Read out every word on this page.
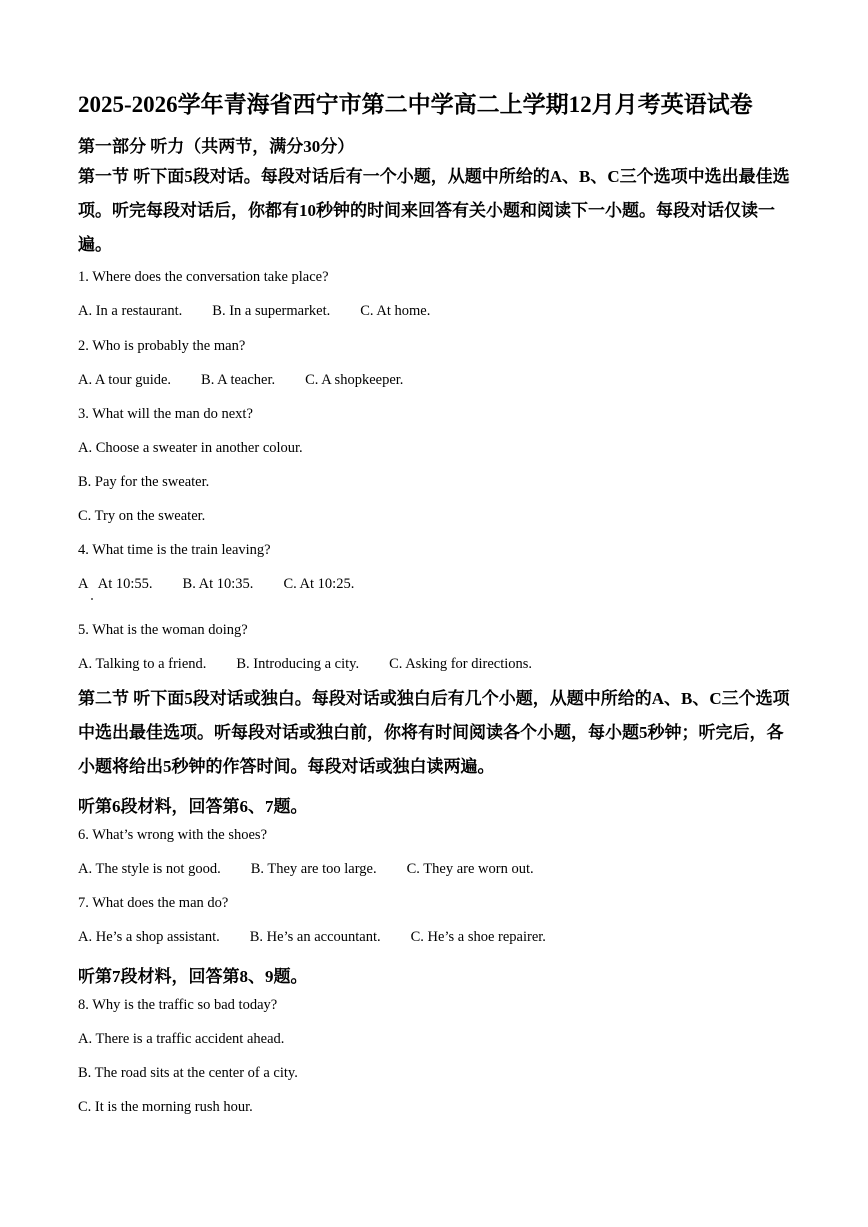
2025-2026学年青海省西宁市第二中学高二上学期12月月考英语试卷
第一部分 听力（共两节，满分30分）
第一节 听下面5段对话。每段对话后有一个小题，从题中所给的A、B、C三个选项中选出最佳选项。听完每段对话后，你都有10秒钟的时间来回答有关小题和阅读下一小题。每段对话仅读一遍。
1. Where does the conversation take place?
A. In a restaurant. B. In a supermarket. C. At home.
2. Who is probably the man?
A. A tour guide. B. A teacher. C. A shopkeeper.
3. What will the man do next?
A. Choose a sweater in another colour.
B. Pay for the sweater.
C. Try on the sweater.
4. What time is the train leaving?
A   At 10:55. B. At 10:35. C. At 10:25.
5. What is the woman doing?
A. Talking to a friend. B. Introducing a city. C. Asking for directions.
第二节 听下面5段对话或独白。每段对话或独白后有几个小题，从题中所给的A、B、C三个选项中选出最佳选项。听每段对话或独白前，你将有时间阅读各个小题，每小题5秒钟；听完后，各小题将给出5秒钟的作答时间。每段对话或独白读两遍。
听第6段材料，回答第6、7题。
6. What’s wrong with the shoes?
A. The style is not good. B. They are too large. C. They are worn out.
7. What does the man do?
A. He’s a shop assistant. B. He’s an accountant. C. He’s a shoe repairer.
听第7段材料，回答第8、9题。
8. Why is the traffic so bad today?
A. There is a traffic accident ahead.
B. The road sits at the center of a city.
C. It is the morning rush hour.
